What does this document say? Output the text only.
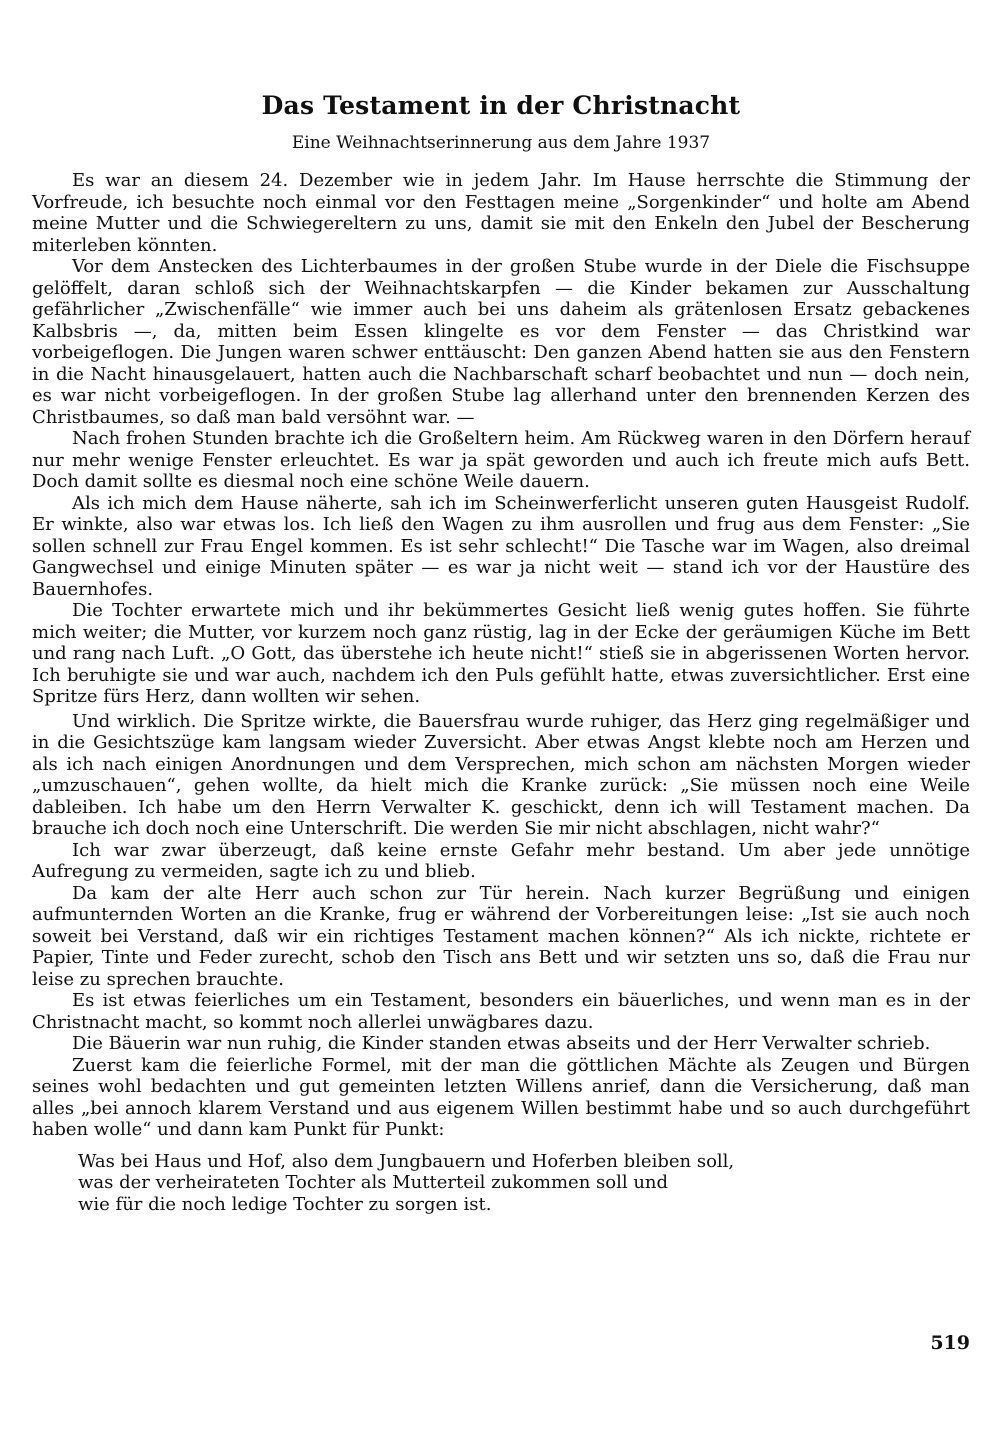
Das Testament in der Christnacht
Eine Weihnachtserinnerung aus dem Jahre 1937

Es war an diesem 24. Dezember wie in jedem Jahr. Im Hause herrschte die Stimmung der Vorfreude, ich besuchte noch einmal vor den Festtagen meine „Sorgenkinder“ und holte am Abend meine Mutter und die Schwiegereltern zu uns, damit sie mit den Enkeln den Jubel der Bescherung miterleben könnten.

Vor dem Anstecken des Lichterbaumes in der großen Stube wurde in der Diele die Fischsuppe gelöffelt, daran schloß sich der Weihnachtskarpfen — die Kinder bekamen zur Ausschaltung gefährlicher „Zwischenfälle“ wie immer auch bei uns daheim als grätenlosen Ersatz gebackenes Kalbsbris —, da, mitten beim Essen klingelte es vor dem Fenster — das Christkind war vorbeigeflogen. Die Jungen waren schwer enttäuscht: Den ganzen Abend hatten sie aus den Fenstern in die Nacht hinausgelauert, hatten auch die Nachbarschaft scharf beobachtet und nun — doch nein, es war nicht vorbeigeflogen. In der großen Stube lag allerhand unter den brennenden Kerzen des Christbaumes, so daß man bald versöhnt war. —

Nach frohen Stunden brachte ich die Großeltern heim. Am Rückweg waren in den Dörfern herauf nur mehr wenige Fenster erleuchtet. Es war ja spät geworden und auch ich freute mich aufs Bett. Doch damit sollte es diesmal noch eine schöne Weile dauern.

Als ich mich dem Hause näherte, sah ich im Scheinwerferlicht unseren guten Hausgeist Rudolf. Er winkte, also war etwas los. Ich ließ den Wagen zu ihm ausrollen und frug aus dem Fenster: „Sie sollen schnell zur Frau Engel kommen. Es ist sehr schlecht!“ Die Tasche war im Wagen, also dreimal Gangwechsel und einige Minuten später — es war ja nicht weit — stand ich vor der Haustüre des Bauernhofes.

Die Tochter erwartete mich und ihr bekümmertes Gesicht ließ wenig gutes hoffen. Sie führte mich weiter; die Mutter, vor kurzem noch ganz rüstig, lag in der Ecke der geräumigen Küche im Bett und rang nach Luft. „O Gott, das überstehe ich heute nicht!“ stieß sie in abgerissenen Worten hervor. Ich beruhigte sie und war auch, nachdem ich den Puls gefühlt hatte, etwas zuversichtlicher. Erst eine Spritze fürs Herz, dann wollten wir sehen.

Und wirklich. Die Spritze wirkte, die Bauersfrau wurde ruhiger, das Herz ging regelmäßiger und in die Gesichtszüge kam langsam wieder Zuversicht. Aber etwas Angst klebte noch am Herzen und als ich nach einigen Anordnungen und dem Versprechen, mich schon am nächsten Morgen wieder „umzuschauen“, gehen wollte, da hielt mich die Kranke zurück: „Sie müssen noch eine Weile dableiben. Ich habe um den Herrn Verwalter K. geschickt, denn ich will Testament machen. Da brauche ich doch noch eine Unterschrift. Die werden Sie mir nicht abschlagen, nicht wahr?“

Ich war zwar überzeugt, daß keine ernste Gefahr mehr bestand. Um aber jede unnötige Aufregung zu vermeiden, sagte ich zu und blieb.

Da kam der alte Herr auch schon zur Tür herein. Nach kurzer Begrüßung und einigen aufmunternden Worten an die Kranke, frug er während der Vorbereitungen leise: „Ist sie auch noch soweit bei Verstand, daß wir ein richtiges Testament machen können?“ Als ich nickte, richtete er Papier, Tinte und Feder zurecht, schob den Tisch ans Bett und wir setzten uns so, daß die Frau nur leise zu sprechen brauchte.

Es ist etwas feierliches um ein Testament, besonders ein bäuerliches, und wenn man es in der Christnacht macht, so kommt noch allerlei unwägbares dazu.

Die Bäuerin war nun ruhig, die Kinder standen etwas abseits und der Herr Verwalter schrieb.

Zuerst kam die feierliche Formel, mit der man die göttlichen Mächte als Zeugen und Bürgen seines wohl bedachten und gut gemeinten letzten Willens anrief, dann die Versicherung, daß man alles „bei annoch klarem Verstand und aus eigenem Willen bestimmt habe und so auch durchgeführt haben wolle“ und dann kam Punkt für Punkt:

Was bei Haus und Hof, also dem Jungbauern und Hoferben bleiben soll,
was der verheirateten Tochter als Mutterteil zukommen soll und
wie für die noch ledige Tochter zu sorgen ist.
519
